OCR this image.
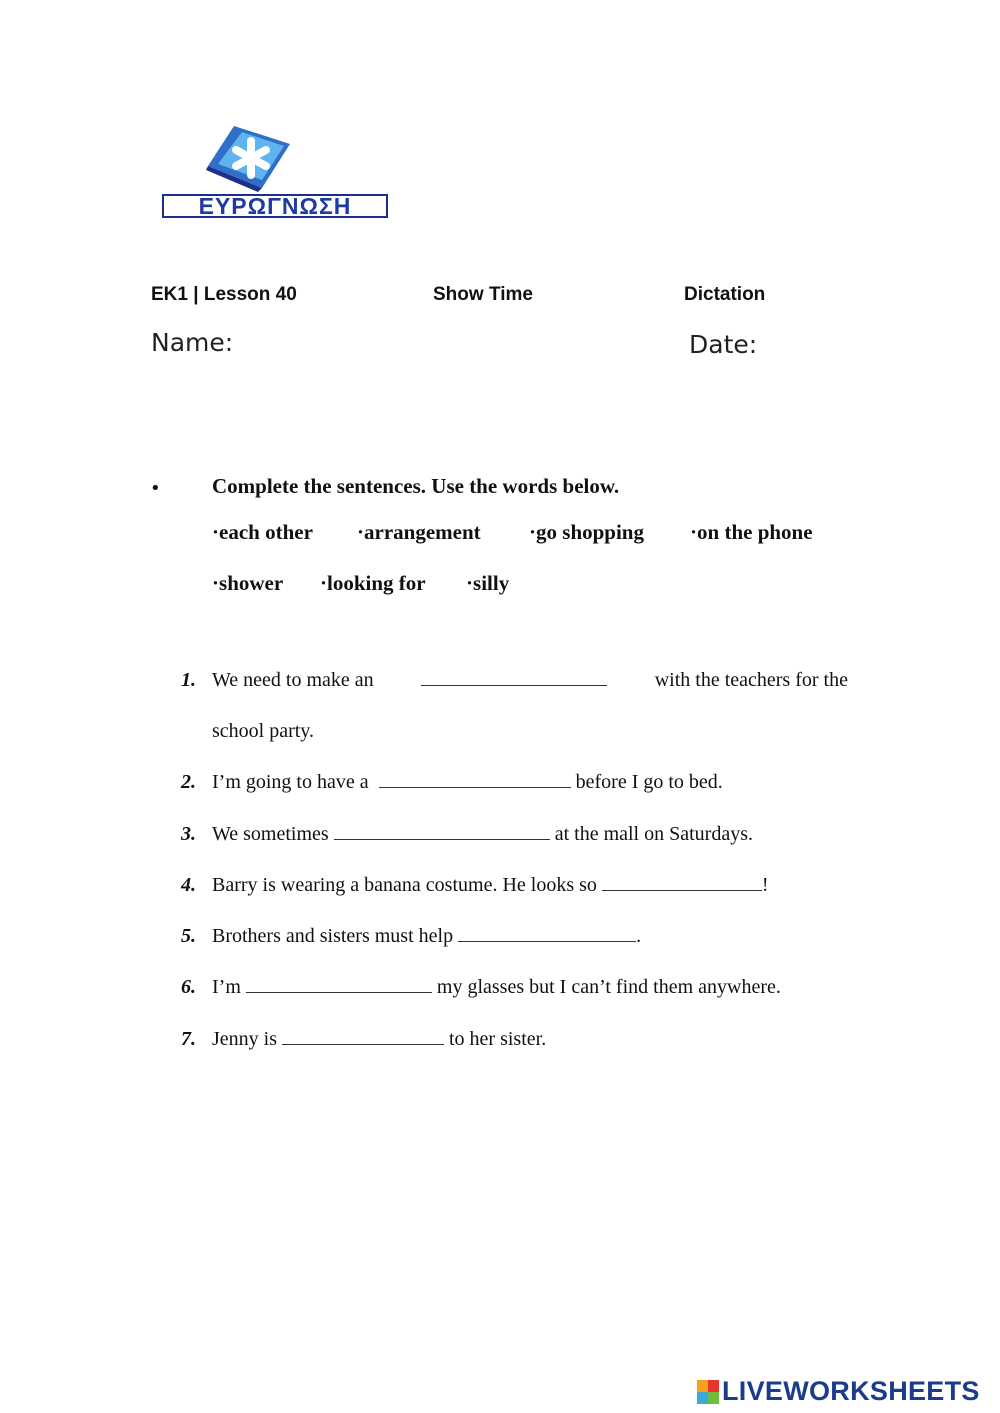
ΕΥΡΩΓΝΩΣΗ
EK1 | Lesson 40	Show Time	Dictation
Name:	Date:
• Complete the sentences. Use the words below.
·each other ·arrangement ·go shopping ·on the phone
·shower ·looking for ·silly
1. We need to make an	with the teachers for the
school party.
2. I’m going to have a	before I go to bed.
3. We sometimes	at the mall on Saturdays.
4. Barry is wearing a banana costume. He looks so	!
5. Brothers and sisters must help	.
6. I’m	my glasses but I can’t find them anywhere.
7. Jenny is	to her sister.
LIVEWORKSHEETS
